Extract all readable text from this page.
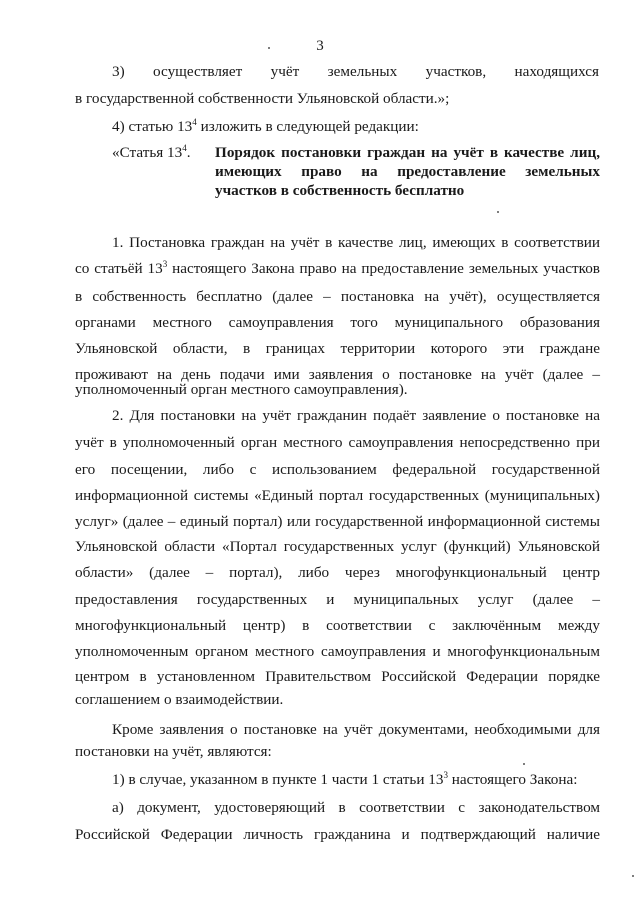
3
3) осуществляет учёт земельных участков, находящихся
в государственной собственности Ульяновской области.»;
4) статью $13^4$ изложить в следующей редакции:
«Статья $13^4$. Порядок постановки граждан на учёт в качестве лиц,
имеющих право на предоставление земельных
участков в собственность бесплатно
1. Постановка граждан на учёт в качестве лиц, имеющих в соответствии
со статьёй $13^3$ настоящего Закона право на предоставление земельных участков
в собственность бесплатно (далее – постановка на учёт), осуществляется
органами местного самоуправления того муниципального образования
Ульяновской области, в границах территории которого эти граждане
проживают на день подачи ими заявления о постановке на учёт (далее –
уполномоченный орган местного самоуправления).
2. Для постановки на учёт гражданин подаёт заявление о постановке на
учёт в уполномоченный орган местного самоуправления непосредственно при
его посещении, либо с использованием федеральной государственной
информационной системы «Единый портал государственных (муниципальных)
услуг» (далее – единый портал) или государственной информационной системы
Ульяновской области «Портал государственных услуг (функций) Ульяновской
области» (далее – портал), либо через многофункциональный центр
предоставления государственных и муниципальных услуг (далее –
многофункциональный центр) в соответствии с заключённым между
уполномоченным органом местного самоуправления и многофункциональным
центром в установленном Правительством Российской Федерации порядке
соглашением о взаимодействии.
Кроме заявления о постановке на учёт документами, необходимыми для
постановки на учёт, являются:
1) в случае, указанном в пункте 1 части 1 статьи $13^3$ настоящего Закона:
а) документ, удостоверяющий в соответствии с законодательством
Российской Федерации личность гражданина и подтверждающий наличие
